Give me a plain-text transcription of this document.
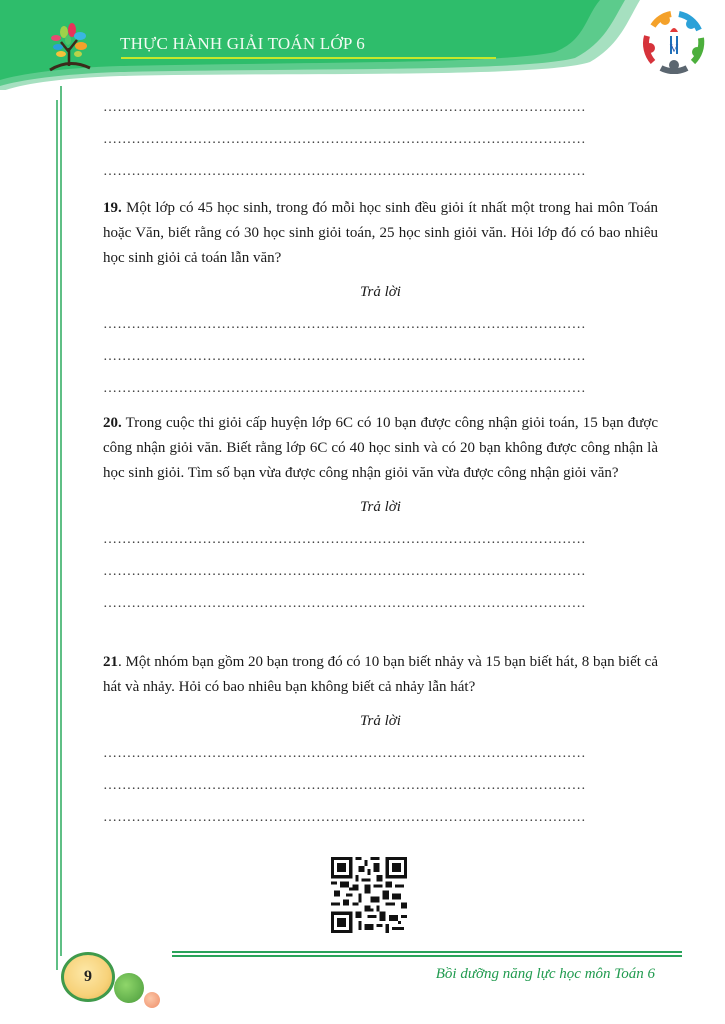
THỰC HÀNH GIẢI TOÁN LỚP 6	V
…………………………………………………………………………………………
…………………………………………………………………………………………
…………………………………………………………………………………………
19. Một lớp có 45 học sinh, trong đó mỗi học sinh đều giỏi ít nhất một trong hai môn Toán hoặc Văn, biết rằng có 30 học sinh giỏi toán, 25 học sinh giỏi văn. Hỏi lớp đó có bao nhiêu học sinh giỏi cả toán lẫn văn?
Trả lời
…………………………………………………………………………………………
…………………………………………………………………………………………
…………………………………………………………………………………………
20. Trong cuộc thi giỏi cấp huyện lớp 6C có 10 bạn được công nhận giỏi toán, 15 bạn được công nhận giỏi văn. Biết rằng lớp 6C có 40 học sinh và có 20 bạn không được công nhận là học sinh giỏi. Tìm số bạn vừa được công nhận giỏi văn vừa được công nhận giỏi văn?
Trả lời
…………………………………………………………………………………………
…………………………………………………………………………………………
…………………………………………………………………………………………
21. Một nhóm bạn gồm 20 bạn trong đó có 10 bạn biết nhảy và 15 bạn biết hát, 8 bạn biết cả hát và nhảy. Hỏi có bao nhiêu bạn không biết cả nhảy lẫn hát?
Trả lời
…………………………………………………………………………………………
…………………………………………………………………………………………
…………………………………………………………………………………………
Bồi dưỡng năng lực học môn Toán 6
9
